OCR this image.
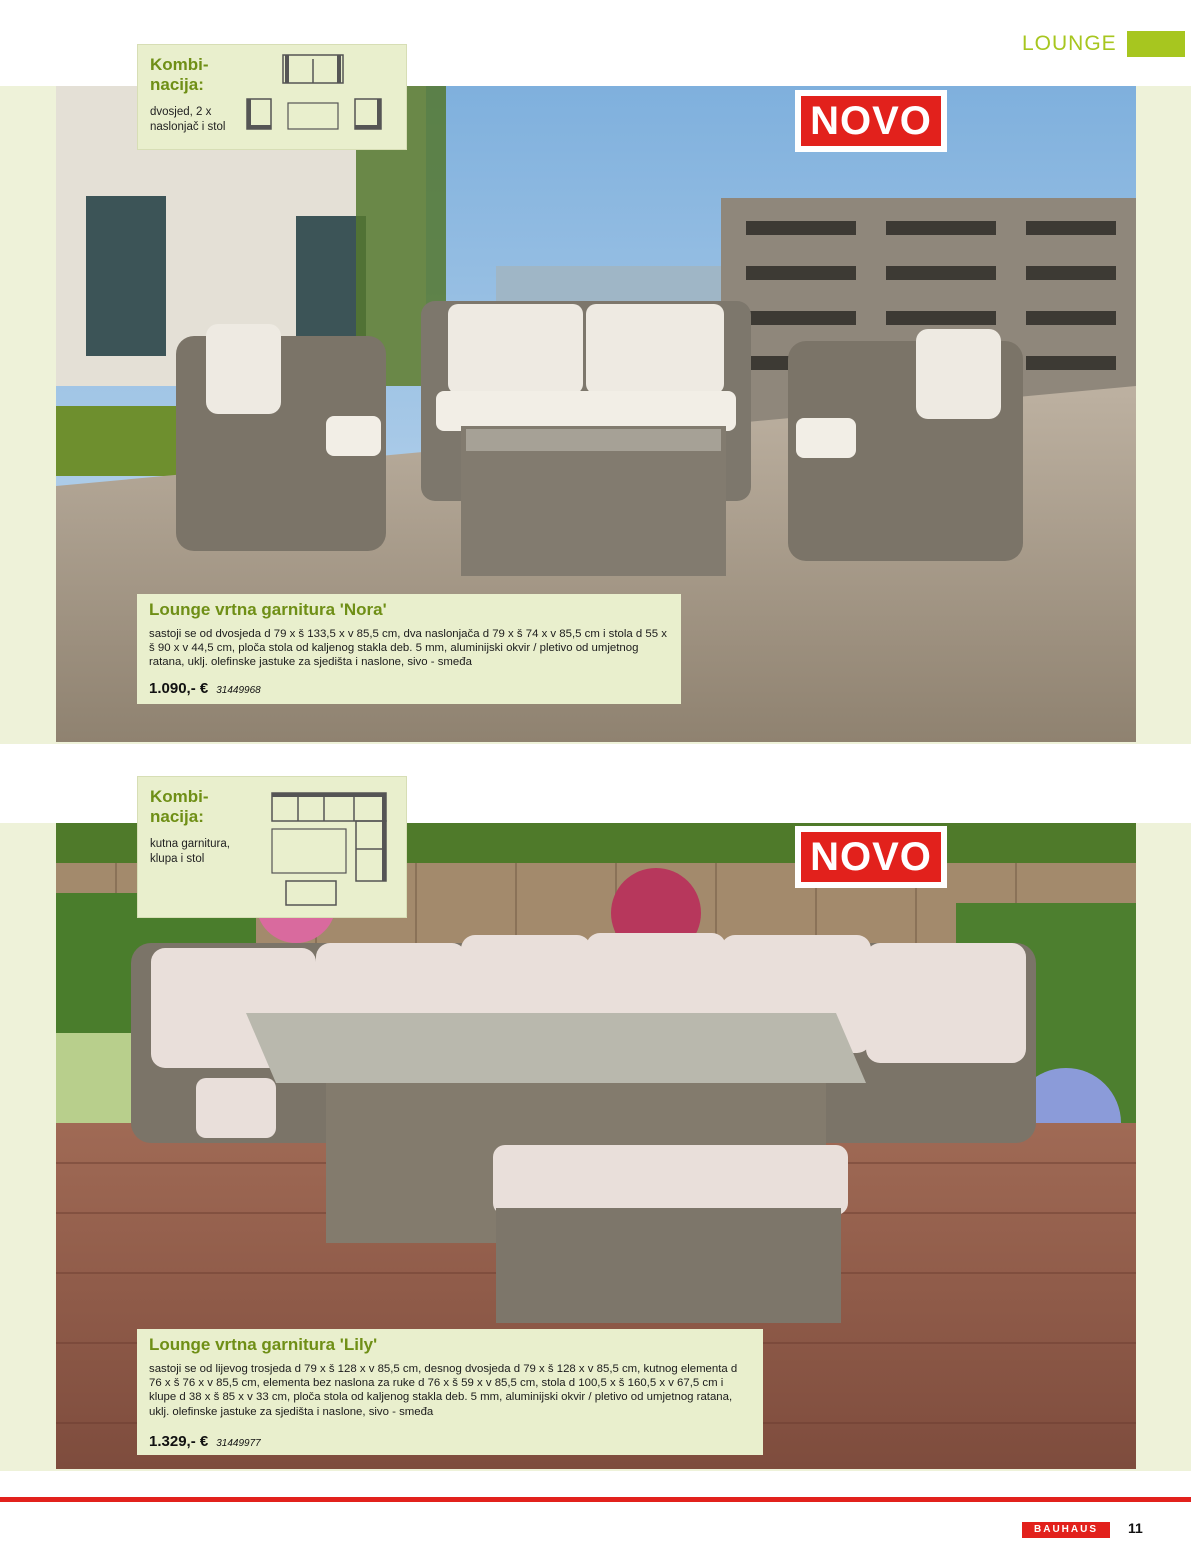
LOUNGE
Kombi-
nacija:
dvosjed, 2 x
naslonjač i stol	NOVO
Lounge vrtna garnitura 'Nora'

sastoji se od dvosjeda d 79 x š 133,5 x v 85,5 cm, dva naslonjača d 79 x š 74 x v 85,5 cm i stola d 55 x š 90 x v 44,5 cm, ploča stola od kaljenog stakla deb. 5 mm, aluminijski okvir / pletivo od umjetnog ratana, uklj. olefinske jastuke za sjedišta i naslone, sivo - smeđa

1.090,- € 31449968
Kombi-
nacija:
kutna garnitura,
klupa i stol	NOVO
Lounge vrtna garnitura 'Lily'

sastoji se od lijevog trosjeda d 79 x š 128 x v 85,5 cm, desnog dvosjeda d 79 x š 128 x v 85,5 cm, kutnog elementa d 76 x š 76 x v 85,5 cm, elementa bez naslona za ruke d 76 x š 59 x v 85,5 cm, stola d 100,5 x š 160,5 x v 67,5 cm i klupe d 38 x š 85 x v 33 cm, ploča stola od kaljenog stakla deb. 5 mm, aluminijski okvir / pletivo od umjetnog ratana, uklj. olefinske jastuke za sjedišta i naslone, sivo - smeđa

1.329,- € 31449977
BAUHAUS	11
